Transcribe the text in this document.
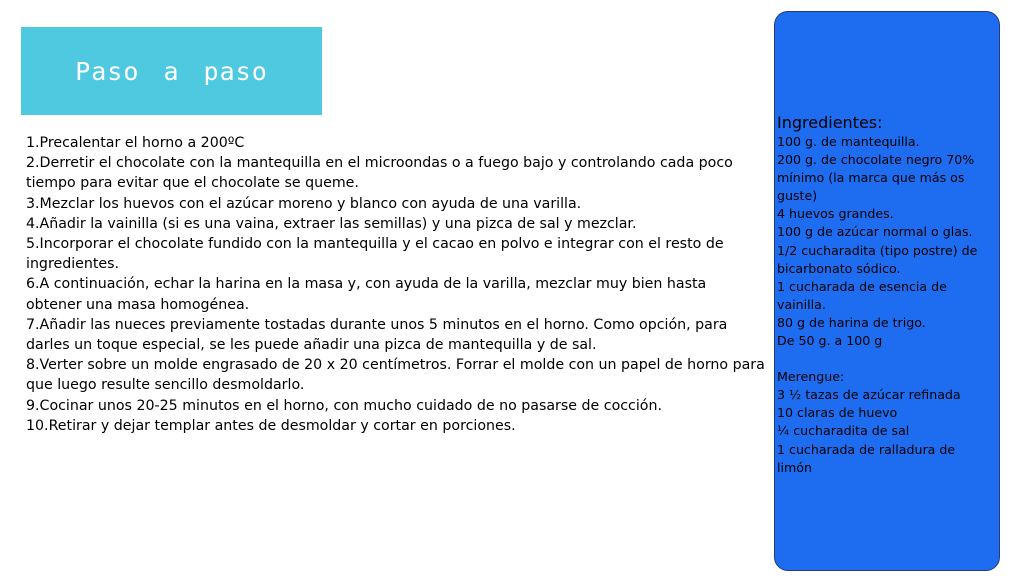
Paso a paso

1.Precalentar el horno a 200ºC

2.Derretir el chocolate con la mantequilla en el microondas o a fuego bajo y controlando cada poco tiempo para evitar que el chocolate se queme.

3.Mezclar los huevos con el azúcar moreno y blanco con ayuda de una varilla.

4.Añadir la vainilla (si es una vaina, extraer las semillas) y una pizca de sal y mezclar.

5.Incorporar el chocolate fundido con la mantequilla y el cacao en polvo e integrar con el resto de ingredientes.

6.A continuación, echar la harina en la masa y, con ayuda de la varilla, mezclar muy bien hasta obtener una masa homogénea.

7.Añadir las nueces previamente tostadas durante unos 5 minutos en el horno. Como opción, para darles un toque especial, se les puede añadir una pizca de mantequilla y de sal.

8.Verter sobre un molde engrasado de 20 x 20 centímetros. Forrar el molde con un papel de horno para que luego resulte sencillo desmoldarlo.

9.Cocinar unos 20-25 minutos en el horno, con mucho cuidado de no pasarse de cocción.

10.Retirar y dejar templar antes de desmoldar y cortar en porciones.

Ingredientes:

100 g. de mantequilla.

200 g. de chocolate negro 70% mínimo (la marca que más os guste)

4 huevos grandes.

100 g de azúcar normal o glas.

1/2 cucharadita (tipo postre) de bicarbonato sódico.

1 cucharada de esencia de vainilla.

80 g de harina de trigo.

De 50 g. a 100 g

Merengue:

3 ½ tazas de azúcar refinada

10 claras de huevo

¼ cucharadita de sal

1 cucharada de ralladura de limón
